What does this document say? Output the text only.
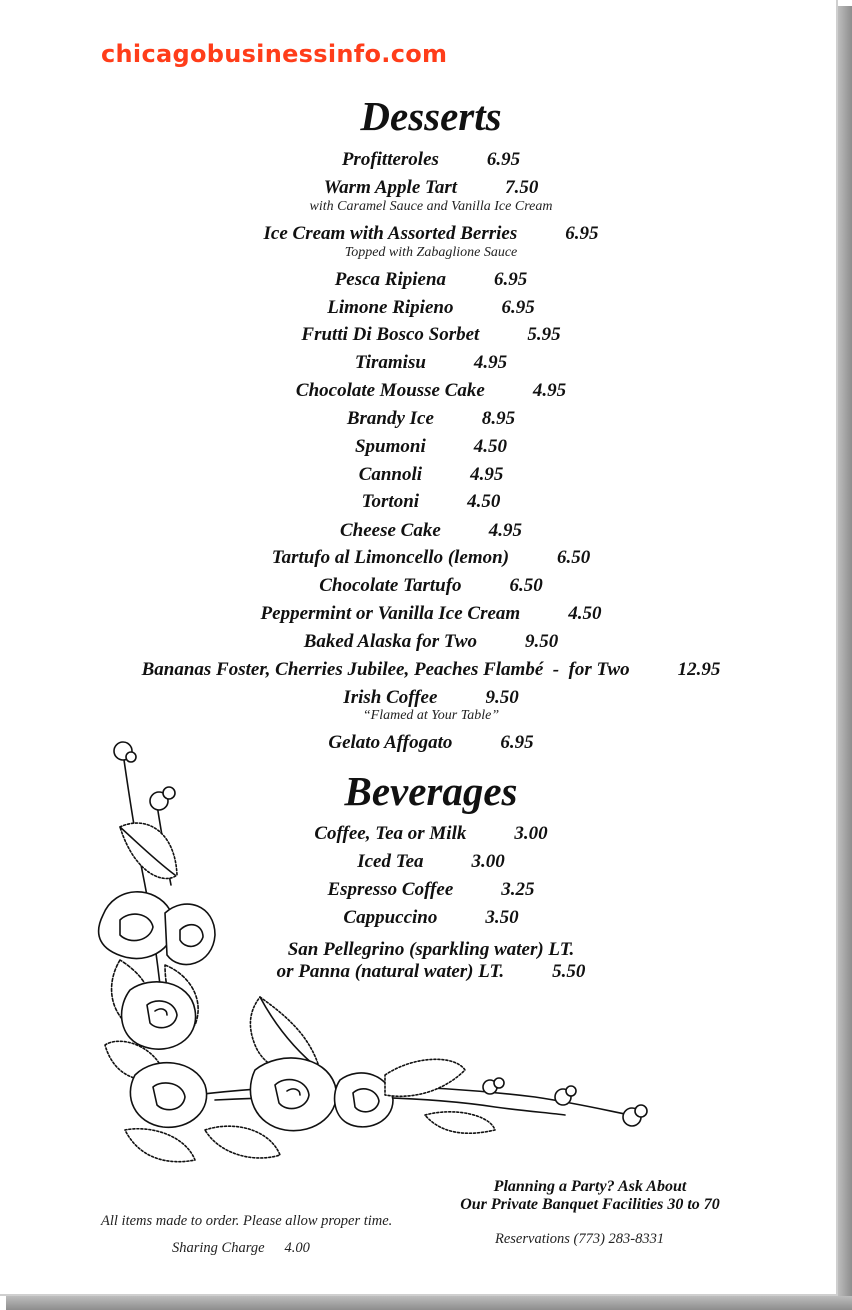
chicagobusinessinfo.com
Desserts
Profitteroles	6.95
Warm Apple Tart	7.50
with Caramel Sauce and Vanilla Ice Cream
Ice Cream with Assorted Berries	6.95
Topped with Zabaglione Sauce
Pesca Ripiena	6.95
Limone Ripieno	6.95
Frutti Di Bosco Sorbet	5.95
Tiramisu	4.95
Chocolate Mousse Cake	4.95
Brandy Ice	8.95
Spumoni	4.50
Cannoli	4.95
Tortoni	4.50
Cheese Cake	4.95
Tartufo al Limoncello (lemon)	6.50
Chocolate Tartufo	6.50
Peppermint or Vanilla Ice Cream	4.50
Baked Alaska for Two	9.50
Bananas Foster, Cherries Jubilee, Peaches Flambé  -  for Two	12.95
Irish Coffee	9.50
“Flamed at Your Table”
Gelato Affogato	6.95
Beverages
Coffee, Tea or Milk	3.00
Iced Tea	3.00
Espresso Coffee	3.25
Cappuccino	3.50
San Pellegrino (sparkling water) LT.
or Panna (natural water) LT.	5.50
Planning a Party? Ask About
Our Private Banquet Facilities 30 to 70
All items made to order. Please allow proper time.
Reservations (773) 283-8331
Sharing Charge 4.00
